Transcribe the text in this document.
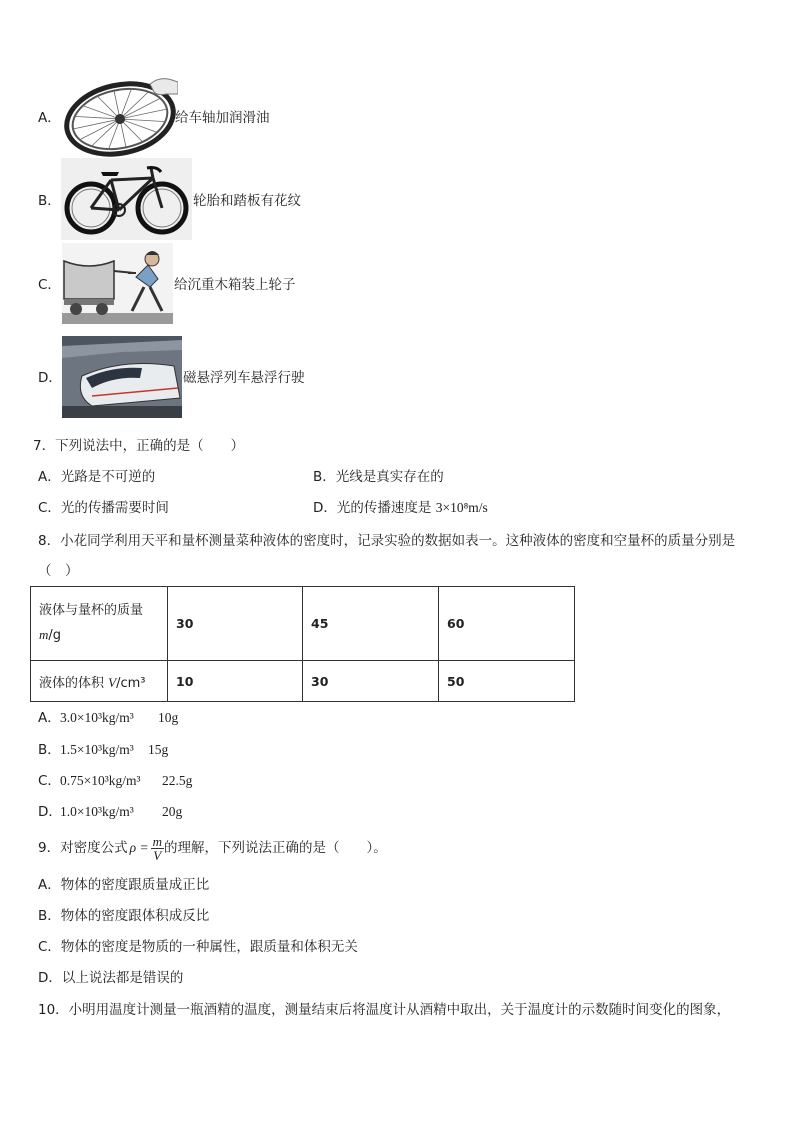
A．	给车轴加润滑油
B．	轮胎和踏板有花纹
C．	给沉重木箱装上轮子
D．	磁悬浮列车悬浮行驶
7．下列说法中，正确的是（　　）
A．光路是不可逆的	B．光线是真实存在的
C．光的传播需要时间	D．光的传播速度是 3×10⁸m/s
8．小花同学利用天平和量杯测量菜种液体的密度时，记录实验的数据如表一。这种液体的密度和空量杯的质量分别是
（　）
液体与量杯的质量
m/g	30	45	60
液体的体积 V/cm³	10	30	50
A． 3.0×10³kg/m³ 10g
B． 1.5×10³kg/m³ 15g
C． 0.75×10³kg/m³ 22.5g
D．
1.0×10³kg/m³ 20g
9．对密度公式 $\rho = \frac{m}{V}$ 的理解，下列说法正确的是（　　）。
A．物体的密度跟质量成正比
B．物体的密度跟体积成反比
C．物体的密度是物质的一种属性，跟质量和体积无关
D．以上说法都是错误的
10．小明用温度计测量一瓶酒精的温度，测量结束后将温度计从酒精中取出，关于温度计的示数随时间变化的图象，
